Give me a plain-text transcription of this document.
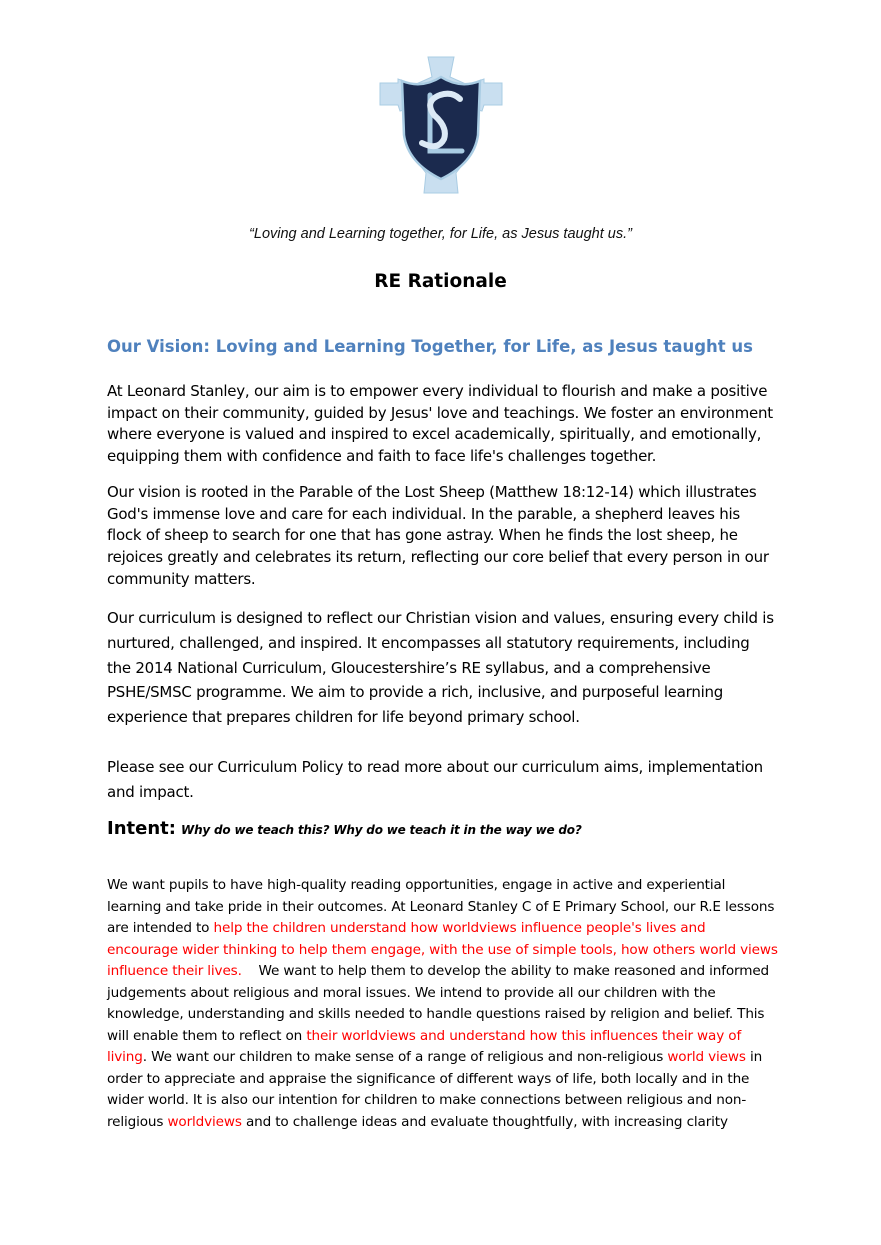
“Loving and Learning together, for Life, as Jesus taught us.”
RE Rationale
Our Vision: Loving and Learning Together, for Life, as Jesus taught us

At Leonard Stanley, our aim is to empower every individual to flourish and make a positive impact on their community, guided by Jesus' love and teachings. We foster an environment where everyone is valued and inspired to excel academically, spiritually, and emotionally, equipping them with confidence and faith to face life's challenges together.

Our vision is rooted in the Parable of the Lost Sheep (Matthew 18:12-14) which illustrates God's immense love and care for each individual. In the parable, a shepherd leaves his flock of sheep to search for one that has gone astray. When he finds the lost sheep, he rejoices greatly and celebrates its return, reflecting our core belief that every person in our community matters.

Our curriculum is designed to reflect our Christian vision and values, ensuring every child is nurtured, challenged, and inspired. It encompasses all statutory requirements, including the 2014 National Curriculum, Gloucestershire’s RE syllabus, and a comprehensive PSHE/SMSC programme. We aim to provide a rich, inclusive, and purposeful learning experience that prepares children for life beyond primary school.

Please see our Curriculum Policy to read more about our curriculum aims, implementation and impact.

Intent: Why do we teach this? Why do we teach it in the way we do?

We want pupils to have high-quality reading opportunities, engage in active and experiential learning and take pride in their outcomes. At Leonard Stanley C of E Primary School, our R.E lessons are intended to help the children understand how worldviews influence people's lives and encourage wider thinking to help them engage, with the use of simple tools, how others world views influence their lives.    We want to help them to develop the ability to make reasoned and informed judgements about religious and moral issues. We intend to provide all our children with the knowledge, understanding and skills needed to handle questions raised by religion and belief. This will enable them to reflect on their worldviews and understand how this influences their way of living. We want our children to make sense of a range of religious and non-religious world views in order to appreciate and appraise the significance of different ways of life, both locally and in the wider world. It is also our intention for children to make connections between religious and non-religious worldviews and to challenge ideas and evaluate thoughtfully, with increasing clarity
